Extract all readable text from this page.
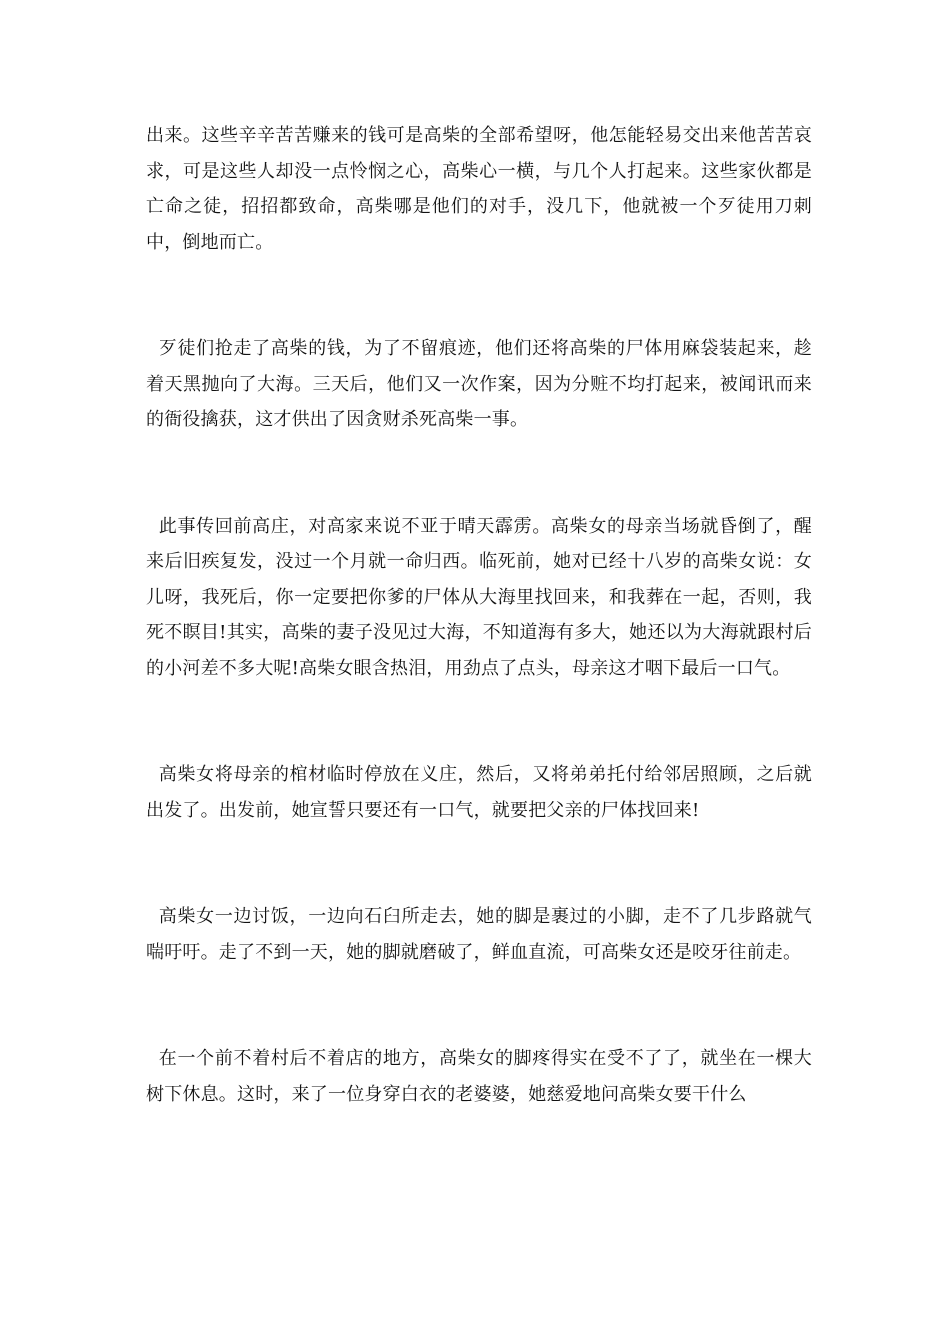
出来。这些辛辛苦苦赚来的钱可是高柴的全部希望呀，他怎能轻易交出来他苦苦哀求，可是这些人却没一点怜悯之心，高柴心一横，与几个人打起来。这些家伙都是亡命之徒，招招都致命，高柴哪是他们的对手，没几下，他就被一个歹徒用刀刺中，倒地而亡。

歹徒们抢走了高柴的钱，为了不留痕迹，他们还将高柴的尸体用麻袋装起来，趁着天黑抛向了大海。三天后，他们又一次作案，因为分赃不均打起来，被闻讯而来的衙役擒获，这才供出了因贪财杀死高柴一事。

此事传回前高庄，对高家来说不亚于晴天霹雳。高柴女的母亲当场就昏倒了，醒来后旧疾复发，没过一个月就一命归西。临死前，她对已经十八岁的高柴女说：女儿呀，我死后，你一定要把你爹的尸体从大海里找回来，和我葬在一起，否则，我死不瞑目!其实，高柴的妻子没见过大海，不知道海有多大，她还以为大海就跟村后的小河差不多大呢!高柴女眼含热泪，用劲点了点头，母亲这才咽下最后一口气。

高柴女将母亲的棺材临时停放在义庄，然后，又将弟弟托付给邻居照顾，之后就出发了。出发前，她宣誓只要还有一口气，就要把父亲的尸体找回来!

高柴女一边讨饭，一边向石臼所走去，她的脚是裹过的小脚，走不了几步路就气喘吁吁。走了不到一天，她的脚就磨破了，鲜血直流，可高柴女还是咬牙往前走。

在一个前不着村后不着店的地方，高柴女的脚疼得实在受不了了，就坐在一棵大树下休息。这时，来了一位身穿白衣的老婆婆，她慈爱地问高柴女要干什么
